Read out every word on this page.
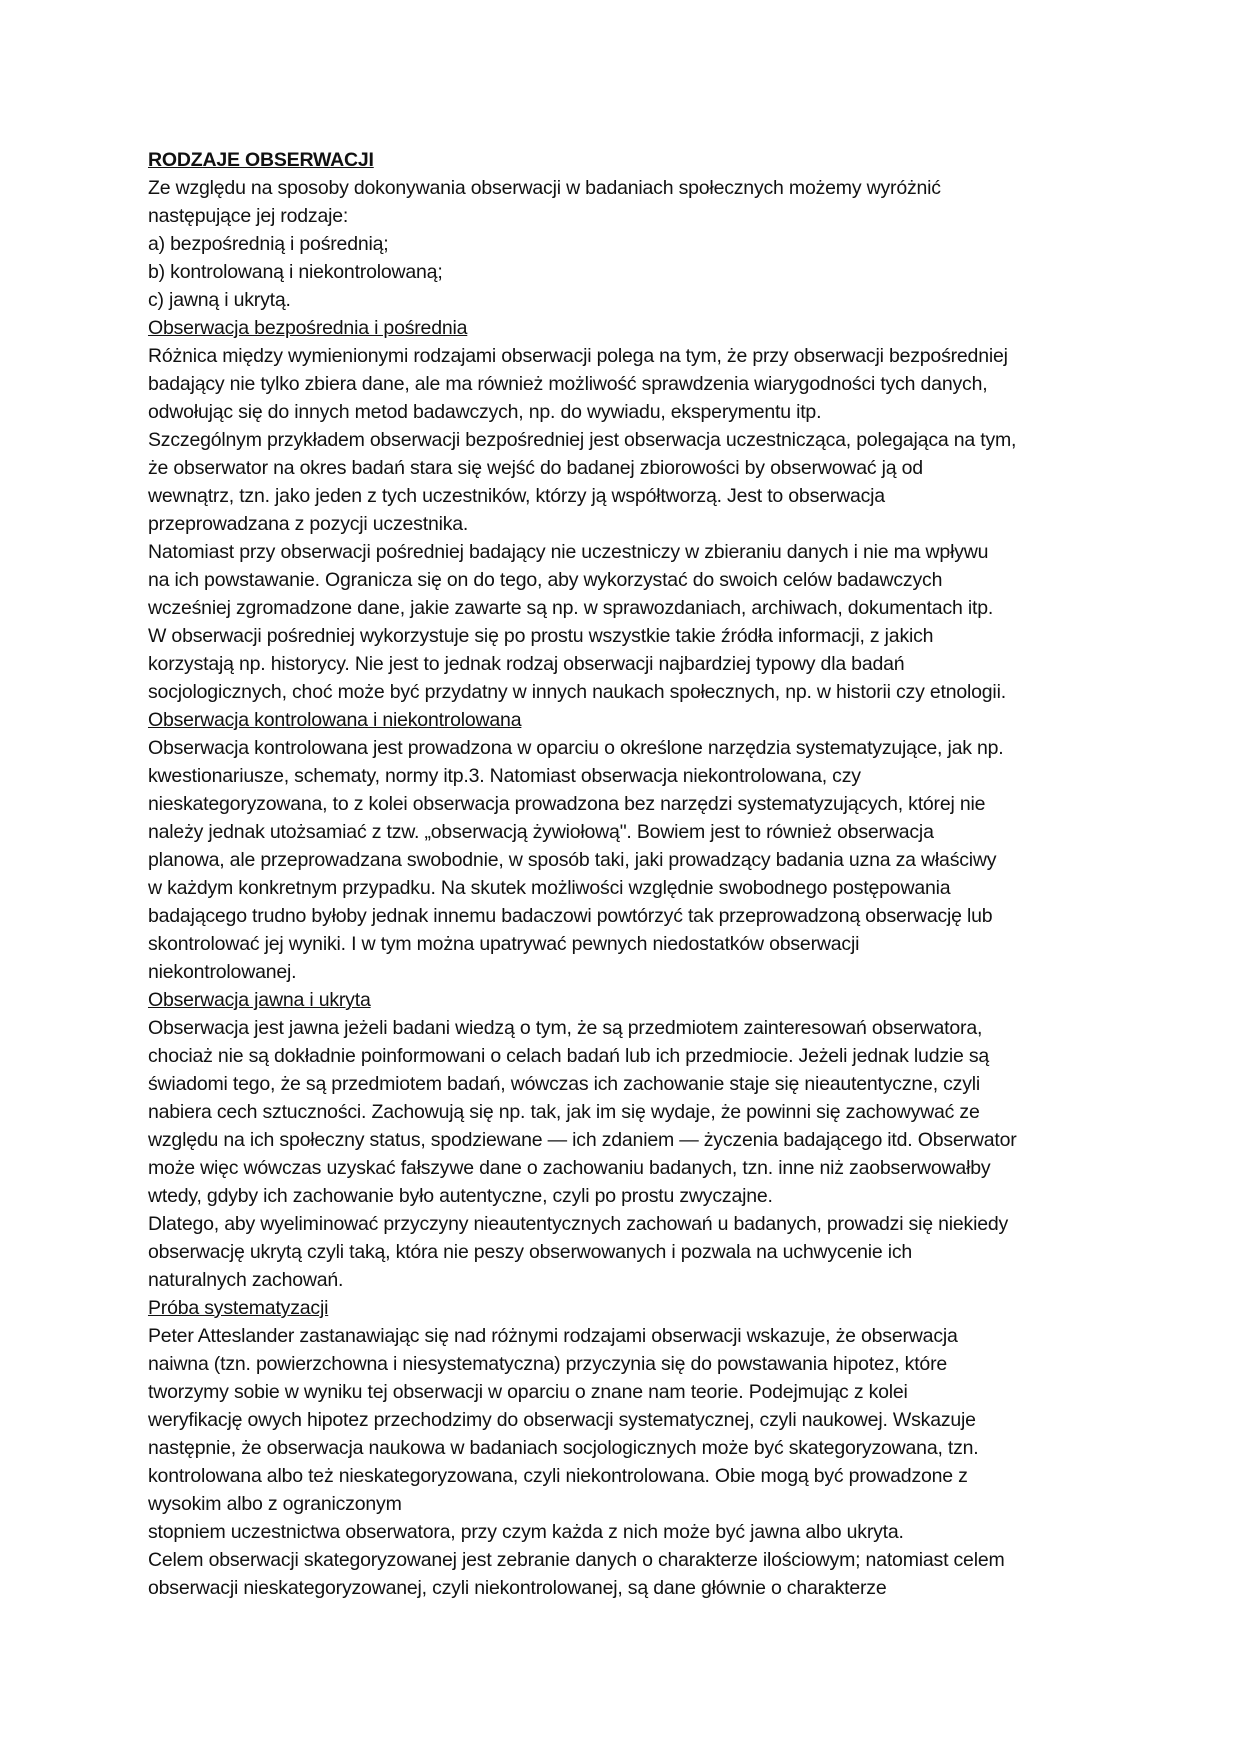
RODZAJE OBSERWACJI
Ze względu na sposoby dokonywania obserwacji w badaniach społecznych możemy wyróżnić
następujące jej rodzaje:
a) bezpośrednią i pośrednią;
b) kontrolowaną i niekontrolowaną;
c) jawną i ukrytą.
Obserwacja bezpośrednia i pośrednia
Różnica między wymienionymi rodzajami obserwacji polega na tym, że przy obserwacji bezpośredniej
badający nie tylko zbiera dane, ale ma również możliwość sprawdzenia wiarygodności tych danych,
odwołując się do innych metod badawczych, np. do wywiadu, eksperymentu itp.
Szczególnym przykładem obserwacji bezpośredniej jest obserwacja uczestnicząca, polegająca na tym,
że obserwator na okres badań stara się wejść do badanej zbiorowości by obserwować ją od
wewnątrz, tzn. jako jeden z tych uczestników, którzy ją współtworzą. Jest to obserwacja
przeprowadzana z pozycji uczestnika.
Natomiast przy obserwacji pośredniej badający nie uczestniczy w zbieraniu danych i nie ma wpływu
na ich powstawanie. Ogranicza się on do tego, aby wykorzystać do swoich celów badawczych
wcześniej zgromadzone dane, jakie zawarte są np. w sprawozdaniach, archiwach, dokumentach itp.
W obserwacji pośredniej wykorzystuje się po prostu wszystkie takie źródła informacji, z jakich
korzystają np. historycy. Nie jest to jednak rodzaj obserwacji najbardziej typowy dla badań
socjologicznych, choć może być przydatny w innych naukach społecznych, np. w historii czy etnologii.
Obserwacja kontrolowana i niekontrolowana
Obserwacja kontrolowana jest prowadzona w oparciu o określone narzędzia systematyzujące, jak np.
kwestionariusze, schematy, normy itp.3. Natomiast obserwacja niekontrolowana, czy
nieskategoryzowana, to z kolei obserwacja prowadzona bez narzędzi systematyzujących, której nie
należy jednak utożsamiać z tzw. „obserwacją żywiołową". Bowiem jest to również obserwacja
planowa, ale przeprowadzana swobodnie, w sposób taki, jaki prowadzący badania uzna za właściwy
w każdym konkretnym przypadku. Na skutek możliwości względnie swobodnego postępowania
badającego trudno byłoby jednak innemu badaczowi powtórzyć tak przeprowadzoną obserwację lub
skontrolować jej wyniki. I w tym można upatrywać pewnych niedostatków obserwacji
niekontrolowanej.
Obserwacja jawna i ukryta
Obserwacja jest jawna jeżeli badani wiedzą o tym, że są przedmiotem zainteresowań obserwatora,
chociaż nie są dokładnie poinformowani o celach badań lub ich przedmiocie. Jeżeli jednak ludzie są
świadomi tego, że są przedmiotem badań, wówczas ich zachowanie staje się nieautentyczne, czyli
nabiera cech sztuczności. Zachowują się np. tak, jak im się wydaje, że powinni się zachowywać ze
względu na ich społeczny status, spodziewane — ich zdaniem — życzenia badającego itd. Obserwator
może więc wówczas uzyskać fałszywe dane o zachowaniu badanych, tzn. inne niż zaobserwowałby
wtedy, gdyby ich zachowanie było autentyczne, czyli po prostu zwyczajne.
Dlatego, aby wyeliminować przyczyny nieautentycznych zachowań u badanych, prowadzi się niekiedy
obserwację ukrytą czyli taką, która nie peszy obserwowanych i pozwala na uchwycenie ich
naturalnych zachowań.
Próba systematyzacji
Peter Atteslander zastanawiając się nad różnymi rodzajami obserwacji wskazuje, że obserwacja
naiwna (tzn. powierzchowna i niesystematyczna) przyczynia się do powstawania hipotez, które
tworzymy sobie w wyniku tej obserwacji w oparciu o znane nam teorie. Podejmując z kolei
weryfikację owych hipotez przechodzimy do obserwacji systematycznej, czyli naukowej. Wskazuje
następnie, że obserwacja naukowa w badaniach socjologicznych może być skategoryzowana, tzn.
kontrolowana albo też nieskategoryzowana, czyli niekontrolowana. Obie mogą być prowadzone z
wysokim albo z ograniczonym
stopniem uczestnictwa obserwatora, przy czym każda z nich może być jawna albo ukryta.
Celem obserwacji skategoryzowanej jest zebranie danych o charakterze ilościowym; natomiast celem
obserwacji nieskategoryzowanej, czyli niekontrolowanej, są dane głównie o charakterze
